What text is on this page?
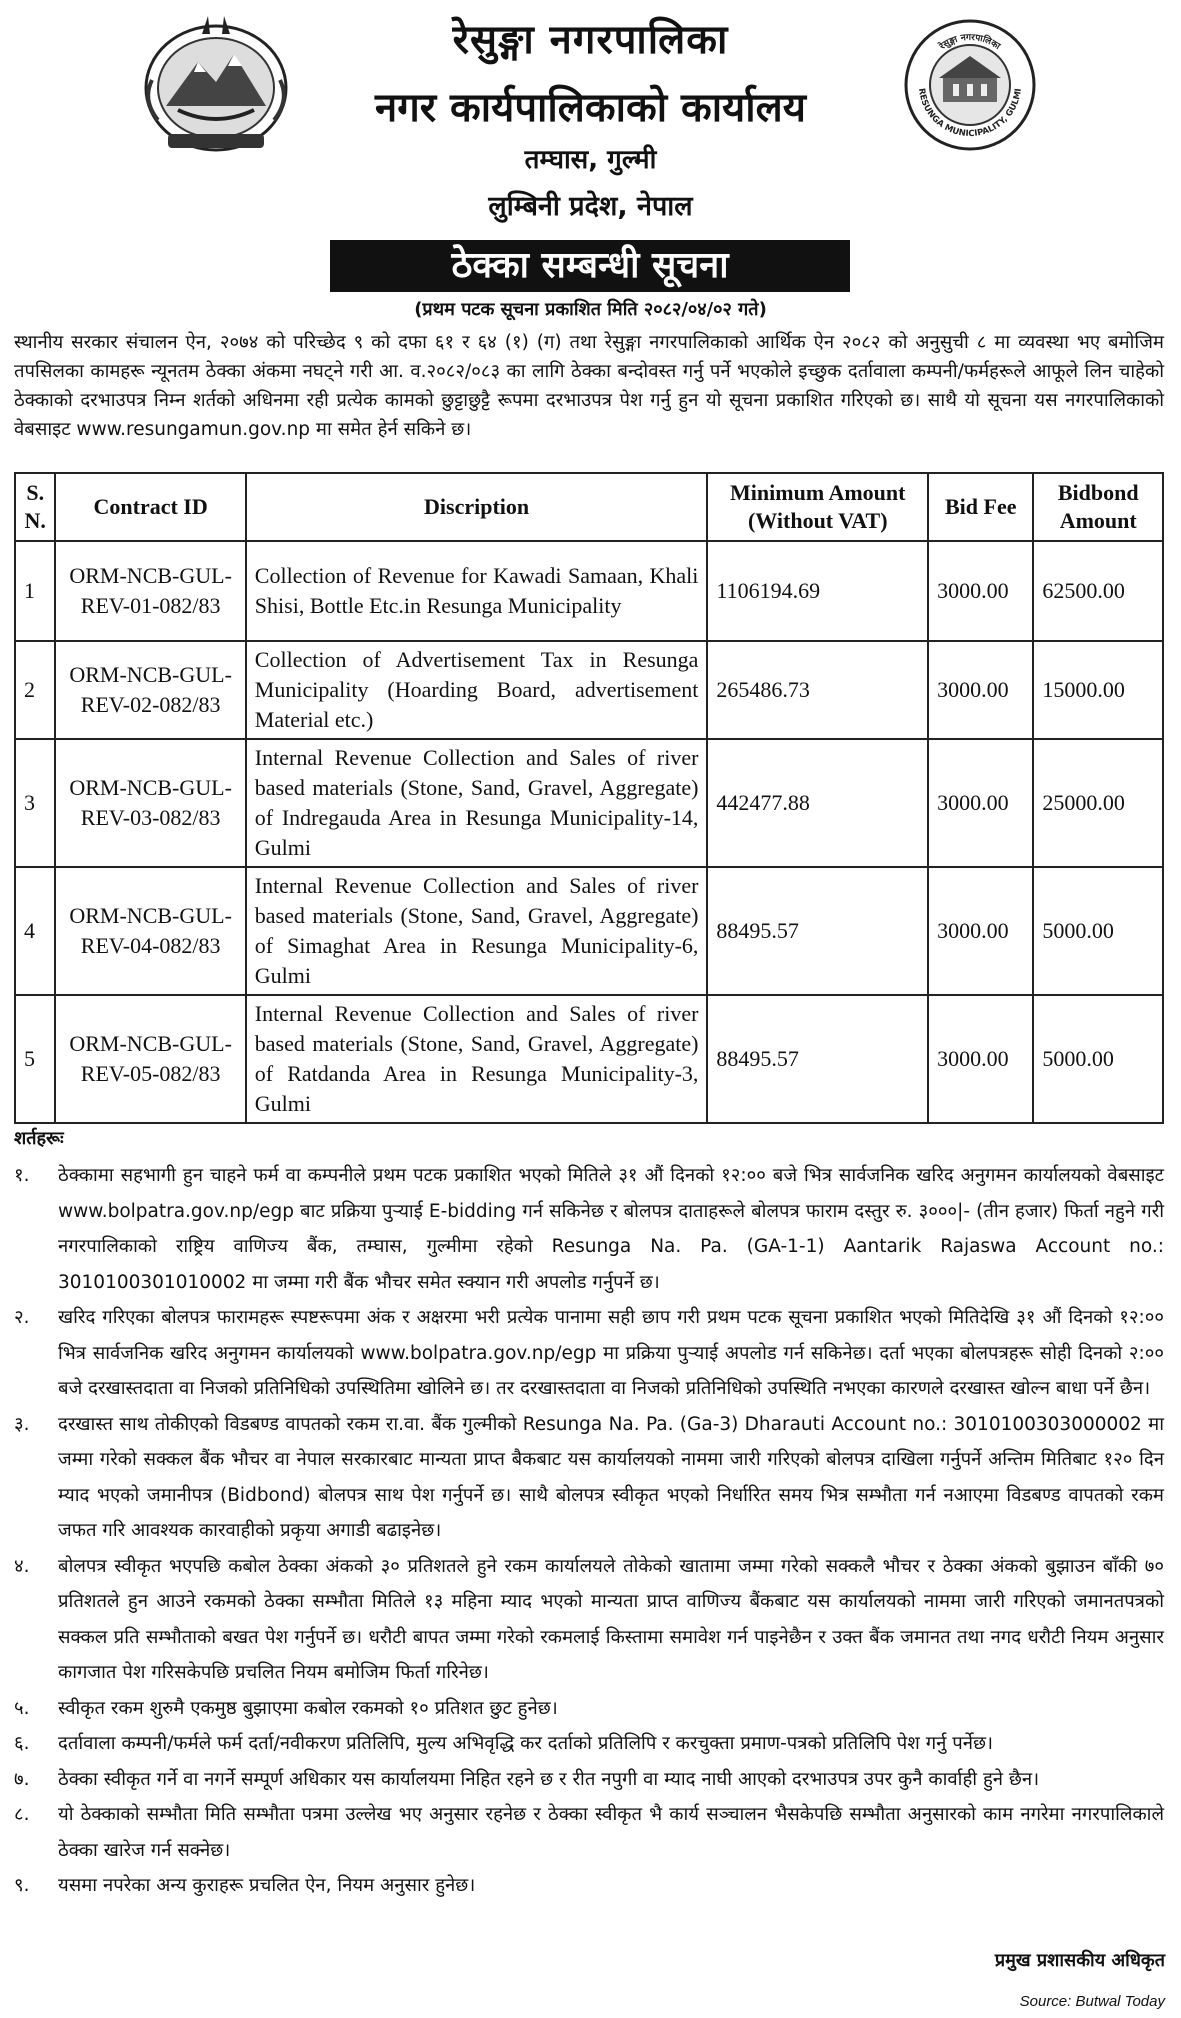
RESUNGA MUNICIPALITY, GULMI
रेसुङ्गा नगरपालिका
रेसुङ्गा नगरपालिका
नगर कार्यपालिकाको कार्यालय
तम्घास, गुल्मी
लुम्बिनी प्रदेश, नेपाल
ठेक्का सम्बन्धी सूचना
(प्रथम पटक सूचना प्रकाशित मिति २०८२/०४/०२ गते)
स्थानीय सरकार संचालन ऐन, २०७४ को परिच्छेद ९ को दफा ६१ र ६४ (१) (ग) तथा रेसुङ्गा नगरपालिकाको आर्थिक ऐन २०८२ को अनुसुची ८ मा व्यवस्था भए बमोजिम तपसिलका कामहरू न्यूनतम ठेक्का अंकमा नघट्ने गरी आ. व.२०८२/०८३ का लागि ठेक्का बन्दोवस्त गर्नु पर्ने भएकोले इच्छुक दर्तावाला कम्पनी/फर्महरूले आफूले लिन चाहेको ठेक्काको दरभाउपत्र निम्न शर्तको अधिनमा रही प्रत्येक कामको छुट्टाछुट्टै रूपमा दरभाउपत्र पेश गर्नु हुन यो सूचना प्रकाशित गरिएको छ। साथै यो सूचना यस नगरपालिकाको वेबसाइट www.resungamun.gov.np मा समेत हेर्न सकिने छ।
S. N.	Contract ID	Discription	Minimum Amount (Without VAT)	Bid Fee	Bidbond Amount
1	ORM-NCB-GUL-REV-01-082/83	Collection of Revenue for Kawadi Samaan, Khali Shisi, Bottle Etc.in Resunga Municipality	1106194.69	3000.00	62500.00
2	ORM-NCB-GUL-REV-02-082/83	Collection of Advertisement Tax in Resunga Municipality (Hoarding Board, advertisement Material etc.)	265486.73	3000.00	15000.00
3	ORM-NCB-GUL-REV-03-082/83	Internal Revenue Collection and Sales of river based materials (Stone, Sand, Gravel, Aggregate) of Indregauda Area in Resunga Municipality-14, Gulmi	442477.88	3000.00	25000.00
4	ORM-NCB-GUL-REV-04-082/83	Internal Revenue Collection and Sales of river based materials (Stone, Sand, Gravel, Aggregate) of Simaghat Area in Resunga Municipality-6, Gulmi	88495.57	3000.00	5000.00
5	ORM-NCB-GUL-REV-05-082/83	Internal Revenue Collection and Sales of river based materials (Stone, Sand, Gravel, Aggregate) of Ratdanda Area in Resunga Municipality-3, Gulmi	88495.57	3000.00	5000.00
शर्तहरूः
१. ठेक्कामा सहभागी हुन चाहने फर्म वा कम्पनीले प्रथम पटक प्रकाशित भएको मितिले ३१ औं दिनको १२:०० बजे भित्र सार्वजनिक खरिद अनुगमन कार्यालयको वेबसाइट www.bolpatra.gov.np/egp बाट प्रक्रिया पुऱ्याई E-bidding गर्न सकिनेछ र बोलपत्र दाताहरूले बोलपत्र फाराम दस्तुर रु. ३०००|- (तीन हजार) फिर्ता नहुने गरी नगरपालिकाको राष्ट्रिय वाणिज्य बैंक, तम्घास, गुल्मीमा रहेको Resunga Na. Pa. (GA-1-1) Aantarik Rajaswa Account no.: 3010100301010002 मा जम्मा गरी बैंक भौचर समेत स्क्यान गरी अपलोड गर्नुपर्ने छ।
२. खरिद गरिएका बोलपत्र फारामहरू स्पष्टरूपमा अंक र अक्षरमा भरी प्रत्येक पानामा सही छाप गरी प्रथम पटक सूचना प्रकाशित भएको मितिदेखि ३१ औं दिनको १२:०० भित्र सार्वजनिक खरिद अनुगमन कार्यालयको www.bolpatra.gov.np/egp मा प्रक्रिया पुऱ्याई अपलोड गर्न सकिनेछ। दर्ता भएका बोलपत्रहरू सोही दिनको २:०० बजे दरखास्तदाता वा निजको प्रतिनिधिको उपस्थितिमा खोलिने छ। तर दरखास्तदाता वा निजको प्रतिनिधिको उपस्थिति नभएका कारणले दरखास्त खोल्न बाधा पर्ने छैन।
३. दरखास्त साथ तोकीएको विडबण्ड वापतको रकम रा.वा. बैंक गुल्मीको Resunga Na. Pa. (Ga-3) Dharauti Account no.: 3010100303000002 मा जम्मा गरेको सक्कल बैंक भौचर वा नेपाल सरकारबाट मान्यता प्राप्त बैकबाट यस कार्यालयको नाममा जारी गरिएको बोलपत्र दाखिला गर्नुपर्ने अन्तिम मितिबाट १२० दिन म्याद भएको जमानीपत्र (Bidbond) बोलपत्र साथ पेश गर्नुपर्ने छ। साथै बोलपत्र स्वीकृत भएको निर्धारित समय भित्र सम्भौता गर्न नआएमा विडबण्ड वापतको रकम जफत गरि आवश्यक कारवाहीको प्रकृया अगाडी बढाइनेछ।
४. बोलपत्र स्वीकृत भएपछि कबोल ठेक्का अंकको ३० प्रतिशतले हुने रकम कार्यालयले तोकेको खातामा जम्मा गरेको सक्कलै भौचर र ठेक्का अंकको बुझाउन बाँकी ७० प्रतिशतले हुन आउने रकमको ठेक्का सम्भौता मितिले १३ महिना म्याद भएको मान्यता प्राप्त वाणिज्य बैंकबाट यस कार्यालयको नाममा जारी गरिएको जमानतपत्रको सक्कल प्रति सम्भौताको बखत पेश गर्नुपर्ने छ। धरौटी बापत जम्मा गरेको रकमलाई किस्तामा समावेश गर्न पाइनेछैन र उक्त बैंक जमानत तथा नगद धरौटी नियम अनुसार कागजात पेश गरिसकेपछि प्रचलित नियम बमोजिम फिर्ता गरिनेछ।
५. स्वीकृत रकम शुरुमै एकमुष्ठ बुझाएमा कबोल रकमको १० प्रतिशत छुट हुनेछ।
६. दर्तावाला कम्पनी/फर्मले फर्म दर्ता/नवीकरण प्रतिलिपि, मुल्य अभिवृद्धि कर दर्ताको प्रतिलिपि र करचुक्ता प्रमाण-पत्रको प्रतिलिपि पेश गर्नु पर्नेछ।
७. ठेक्का स्वीकृत गर्ने वा नगर्ने सम्पूर्ण अधिकार यस कार्यालयमा निहित रहने छ र रीत नपुगी वा म्याद नाघी आएको दरभाउपत्र उपर कुनै कार्वाही हुने छैन।
८. यो ठेक्काको सम्भौता मिति सम्भौता पत्रमा उल्लेख भए अनुसार रहनेछ र ठेक्का स्वीकृत भै कार्य सञ्चालन भैसकेपछि सम्भौता अनुसारको काम नगरेमा नगरपालिकाले ठेक्का खारेज गर्न सक्नेछ।
९. यसमा नपरेका अन्य कुराहरू प्रचलित ऐन, नियम अनुसार हुनेछ।
प्रमुख प्रशासकीय अधिकृत
Source: Butwal Today
